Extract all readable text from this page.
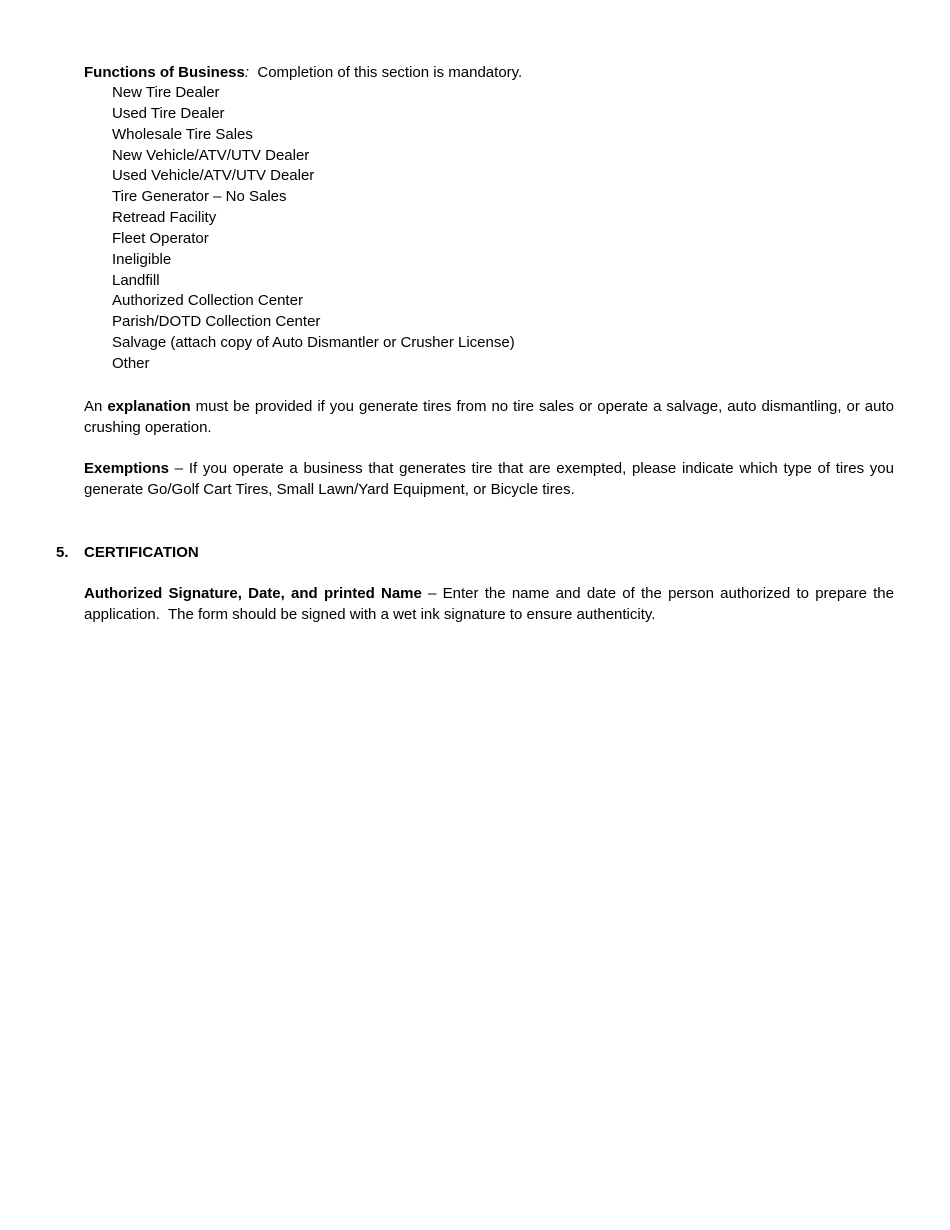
Functions of Business:  Completion of this section is mandatory.
New Tire Dealer
Used Tire Dealer
Wholesale Tire Sales
New Vehicle/ATV/UTV Dealer
Used Vehicle/ATV/UTV Dealer
Tire Generator – No Sales
Retread Facility
Fleet Operator
Ineligible
Landfill
Authorized Collection Center
Parish/DOTD Collection Center
Salvage (attach copy of Auto Dismantler or Crusher License)
Other
An explanation must be provided if you generate tires from no tire sales or operate a salvage, auto dismantling, or auto crushing operation.
Exemptions – If you operate a business that generates tire that are exempted, please indicate which type of tires you generate Go/Golf Cart Tires, Small Lawn/Yard Equipment, or Bicycle tires.
5. CERTIFICATION
Authorized Signature, Date, and printed Name – Enter the name and date of the person authorized to prepare the application.  The form should be signed with a wet ink signature to ensure authenticity.
